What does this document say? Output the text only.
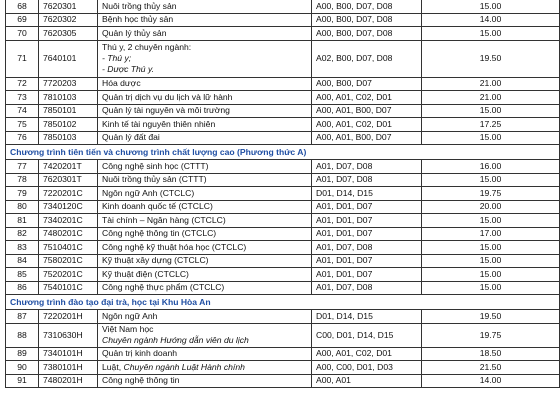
68	7620301	Nuôi trồng thủy sản	A00, B00, D07, D08	15.00
69	7620302	Bệnh học thủy sản	A00, B00, D07, D08	14.00
70	7620305	Quản lý thủy sản	A00, B00, D07, D08	15.00
71	7640101	Thú y, 2 chuyên ngành:
- Thú y;
- Dược Thú y.	A02, B00, D07, D08	19.50
72	7720203	Hóa dược	A00, B00, D07	21.00
73	7810103	Quản trị dịch vụ du lịch và lữ hành	A00, A01, C02, D01	21.00
74	7850101	Quản lý tài nguyên và môi trường	A00, A01, B00, D07	15.00
75	7850102	Kinh tế tài nguyên thiên nhiên	A00, A01, C02, D01	17.25
76	7850103	Quản lý đất đai	A00, A01, B00, D07	15.00
Chương trình tiên tiến và chương trình chất lượng cao (Phương thức A)				
77	7420201T	Công nghệ sinh học (CTTT)	A01, D07, D08	16.00
78	7620301T	Nuôi trồng thủy sản (CTTT)	A01, D07, D08	15.00
79	7220201C	Ngôn ngữ Anh (CTCLC)	D01, D14, D15	19.75
80	7340120C	Kinh doanh quốc tế (CTCLC)	A01, D01, D07	20.00
81	7340201C	Tài chính – Ngân hàng (CTCLC)	A01, D01, D07	15.00
82	7480201C	Công nghệ thông tin (CTCLC)	A01, D01, D07	17.00
83	7510401C	Công nghệ kỹ thuật hóa học (CTCLC)	A01, D07, D08	15.00
84	7580201C	Kỹ thuật xây dựng (CTCLC)	A01, D01, D07	15.00
85	7520201C	Kỹ thuật điện (CTCLC)	A01, D01, D07	15.00
86	7540101C	Công nghệ thực phẩm (CTCLC)	A01, D07, D08	15.00
Chương trình đào tạo đại trà, học tại Khu Hòa An				
87	7220201H	Ngôn ngữ Anh	D01, D14, D15	19.50
88	7310630H	Việt Nam học
Chuyên ngành Hướng dẫn viên du lịch	C00, D01, D14, D15	19.75
89	7340101H	Quản trị kinh doanh	A00, A01, C02, D01	18.50
90	7380101H	Luật, Chuyên ngành Luật Hành chính	A00, C00, D01, D03	21.50
91	7480201H	Công nghệ thông tin	A00, A01	14.00
